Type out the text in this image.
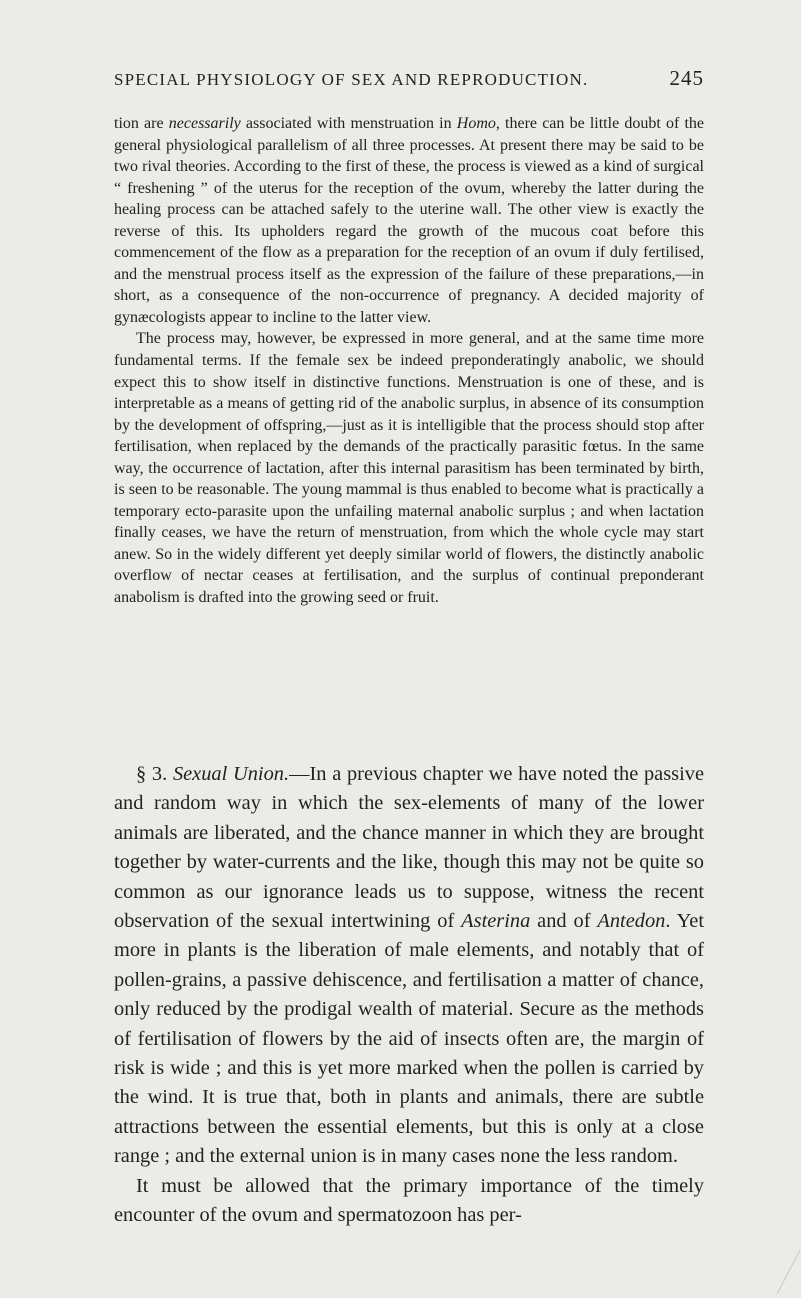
SPECIAL PHYSIOLOGY OF SEX AND REPRODUCTION.	245

tion are necessarily associated with menstruation in Homo, there can be little doubt of the general physiological parallelism of all three processes. At present there may be said to be two rival theories. According to the first of these, the process is viewed as a kind of surgical “ freshening ” of the uterus for the reception of the ovum, whereby the latter during the healing process can be attached safely to the uterine wall. The other view is exactly the reverse of this. Its upholders regard the growth of the mucous coat before this commencement of the flow as a preparation for the reception of an ovum if duly fertilised, and the menstrual process itself as the expression of the failure of these preparations,—in short, as a consequence of the non-occurrence of pregnancy. A decided majority of gynæcologists appear to incline to the latter view.

The process may, however, be expressed in more general, and at the same time more fundamental terms. If the female sex be indeed preponderatingly anabolic, we should expect this to show itself in distinctive functions. Menstruation is one of these, and is interpretable as a means of getting rid of the anabolic surplus, in absence of its consumption by the development of offspring,—just as it is intelligible that the process should stop after fertilisation, when replaced by the demands of the practically parasitic fœtus. In the same way, the occurrence of lactation, after this internal parasitism has been terminated by birth, is seen to be reasonable. The young mammal is thus enabled to become what is practically a temporary ecto-parasite upon the unfailing maternal anabolic surplus ; and when lactation finally ceases, we have the return of menstruation, from which the whole cycle may start anew. So in the widely different yet deeply similar world of flowers, the distinctly anabolic overflow of nectar ceases at fertilisation, and the surplus of continual preponderant anabolism is drafted into the growing seed or fruit.

§ 3. Sexual Union.—In a previous chapter we have noted the passive and random way in which the sex-elements of many of the lower animals are liberated, and the chance manner in which they are brought together by water-currents and the like, though this may not be quite so common as our ignorance leads us to suppose, witness the recent observation of the sexual intertwining of Asterina and of Antedon. Yet more in plants is the liberation of male elements, and notably that of pollen-grains, a passive dehiscence, and fertilisation a matter of chance, only reduced by the prodigal wealth of material. Secure as the methods of fertilisation of flowers by the aid of insects often are, the margin of risk is wide ; and this is yet more marked when the pollen is carried by the wind. It is true that, both in plants and animals, there are subtle attractions between the essential elements, but this is only at a close range ; and the external union is in many cases none the less random.

It must be allowed that the primary importance of the timely encounter of the ovum and spermatozoon has per-
